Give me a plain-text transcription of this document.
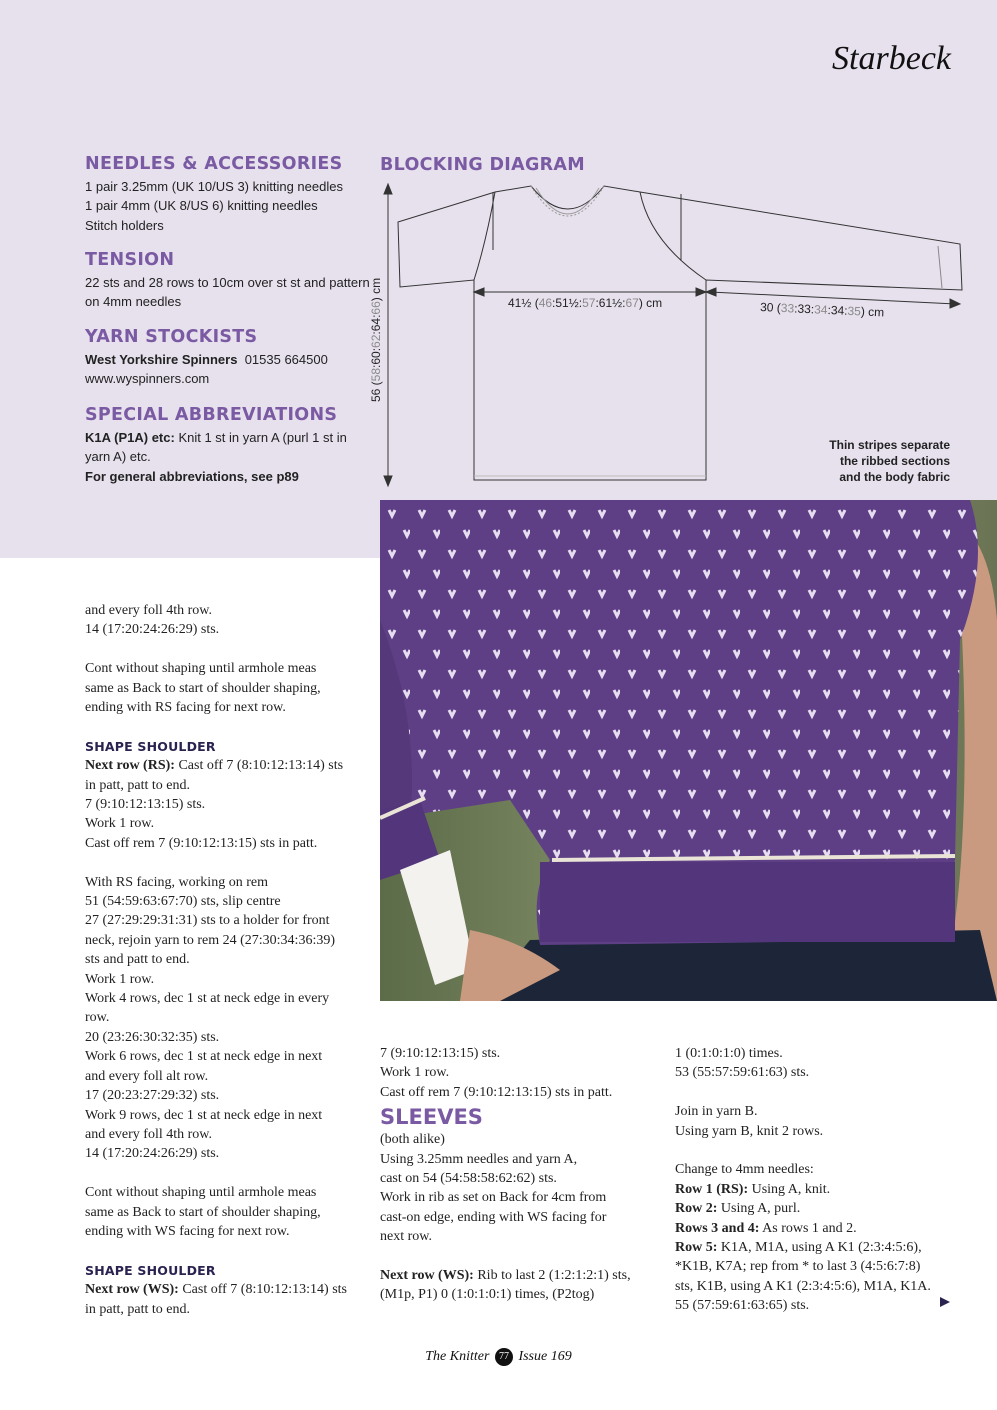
Starbeck
NEEDLES & ACCESSORIES
1 pair 3.25mm (UK 10/US 3) knitting needles
1 pair 4mm (UK 8/US 6) knitting needles
Stitch holders
TENSION
22 sts and 28 rows to 10cm over st st and pattern on 4mm needles
YARN STOCKISTS
West Yorkshire Spinners 01535 664500
www.wyspinners.com
SPECIAL ABBREVIATIONS
K1A (P1A) etc: Knit 1 st in yarn A (purl 1 st in yarn A) etc.
For general abbreviations, see p89
BLOCKING DIAGRAM
56 (58:60:62:64:66) cm
41½ (46:51½:57:61½:67) cm	30 (33:33:34:34:35) cm
Thin stripes separate
the ribbed sections
and the body fabric

and every foll 4th row.

14 (17:20:24:26:29) sts.

Cont without shaping until armhole meas

same as Back to start of shoulder shaping,

ending with RS facing for next row.

SHAPE SHOULDER

Next row (RS): Cast off 7 (8:10:12:13:14) sts

in patt, patt to end.

7 (9:10:12:13:15) sts.

Work 1 row.

Cast off rem 7 (9:10:12:13:15) sts in patt.

With RS facing, working on rem

51 (54:59:63:67:70) sts, slip centre

27 (27:29:29:31:31) sts to a holder for front

neck, rejoin yarn to rem 24 (27:30:34:36:39)

sts and patt to end.

Work 1 row.

Work 4 rows, dec 1 st at neck edge in every

row.

20 (23:26:30:32:35) sts.

Work 6 rows, dec 1 st at neck edge in next

and every foll alt row.

17 (20:23:27:29:32) sts.

Work 9 rows, dec 1 st at neck edge in next

and every foll 4th row.

14 (17:20:24:26:29) sts.

Cont without shaping until armhole meas

same as Back to start of shoulder shaping,

ending with WS facing for next row.

SHAPE SHOULDER

Next row (WS): Cast off 7 (8:10:12:13:14) sts

in patt, patt to end.

7 (9:10:12:13:15) sts.

Work 1 row.

Cast off rem 7 (9:10:12:13:15) sts in patt.

SLEEVES

(both alike)

Using 3.25mm needles and yarn A,

cast on 54 (54:58:58:62:62) sts.

Work in rib as set on Back for 4cm from

cast-on edge, ending with WS facing for

next row.

Next row (WS): Rib to last 2 (1:2:1:2:1) sts,

(M1p, P1) 0 (1:0:1:0:1) times, (P2tog)

1 (0:1:0:1:0) times.

53 (55:57:59:61:63) sts.

Join in yarn B.

Using yarn B, knit 2 rows.

Change to 4mm needles:

Row 1 (RS): Using A, knit.

Row 2: Using A, purl.

Rows 3 and 4: As rows 1 and 2.

Row 5: K1A, M1A, using A K1 (2:3:4:5:6),

*K1B, K7A; rep from * to last 3 (4:5:6:7:8)

sts, K1B, using A K1 (2:3:4:5:6), M1A, K1A.

55 (57:59:61:63:65) sts.

The Knitter 77 Issue 169
